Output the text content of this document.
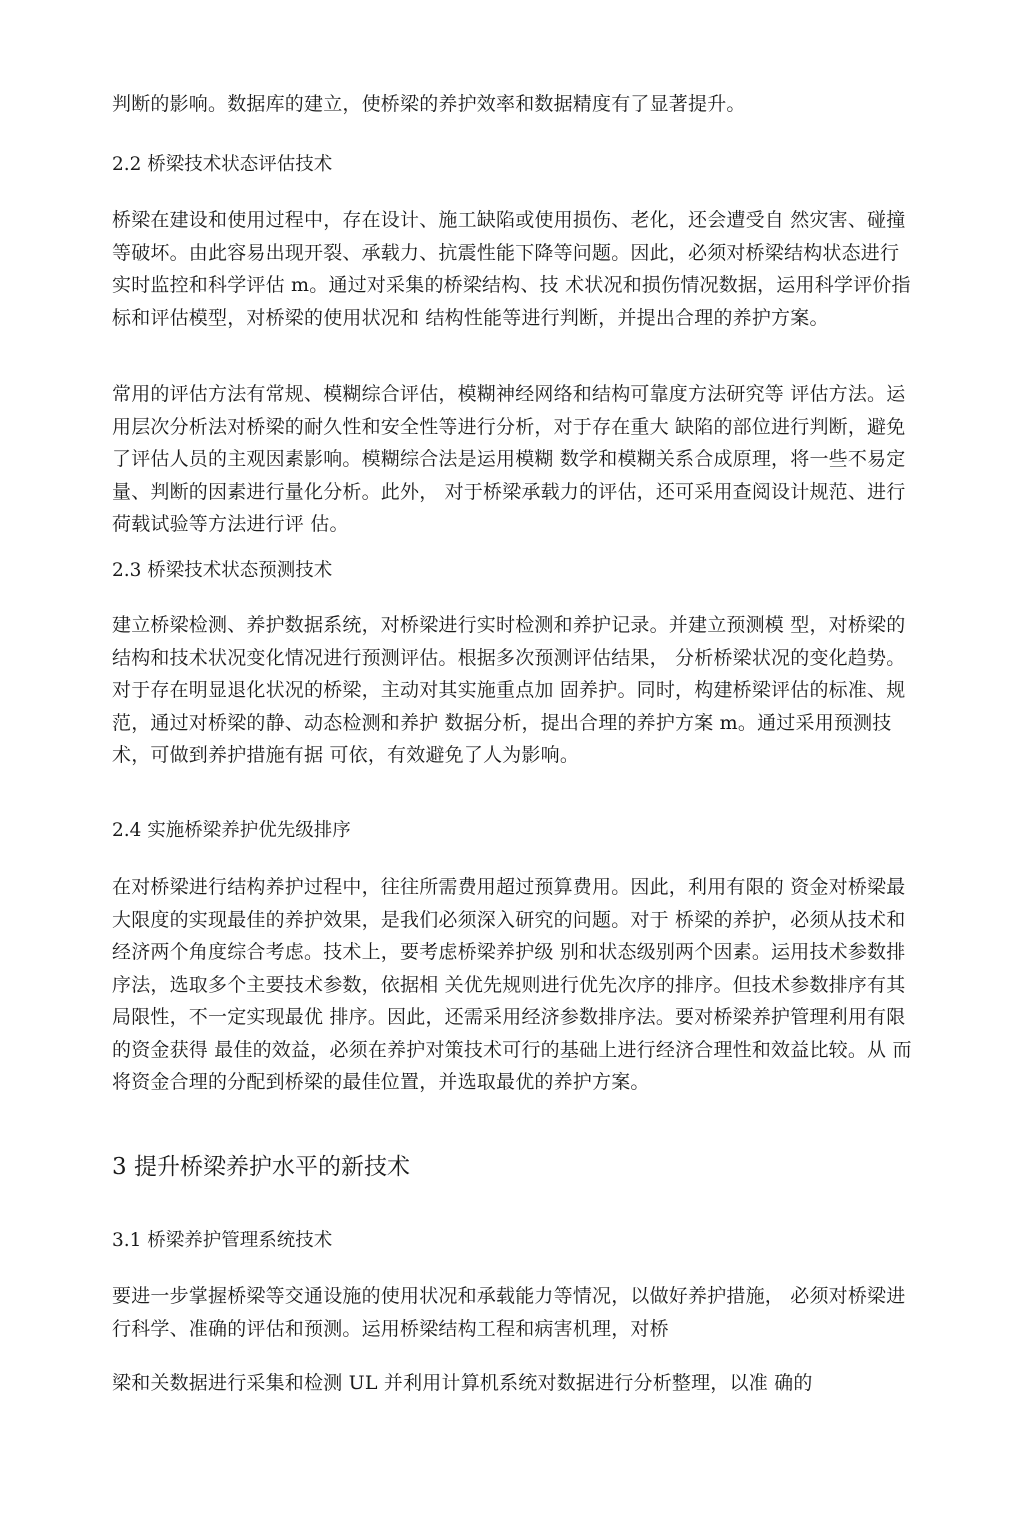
判断的影响。数据库的建立，使桥梁的养护效率和数据精度有了显著提升。

2.2 桥梁技术状态评估技术

桥梁在建设和使用过程中，存在设计、施工缺陷或使用损伤、老化，还会遭受自 然灾害、碰撞等破坏。由此容易出现开裂、承载力、抗震性能下降等问题。因此，必须对桥梁结构状态进行实时监控和科学评估 m。通过对采集的桥梁结构、技 术状况和损伤情况数据，运用科学评价指标和评估模型，对桥梁的使用状况和 结构性能等进行判断，并提出合理的养护方案。

常用的评估方法有常规、模糊综合评估，模糊神经网络和结构可靠度方法研究等 评估方法。运用层次分析法对桥梁的耐久性和安全性等进行分析，对于存在重大 缺陷的部位进行判断，避免了评估人员的主观因素影响。模糊综合法是运用模糊 数学和模糊关系合成原理，将一些不易定量、判断的因素进行量化分析。此外， 对于桥梁承载力的评估，还可采用查阅设计规范、进行荷载试验等方法进行评 估。

2.3 桥梁技术状态预测技术

建立桥梁检测、养护数据系统，对桥梁进行实时检测和养护记录。并建立预测模 型，对桥梁的结构和技术状况变化情况进行预测评估。根据多次预测评估结果， 分析桥梁状况的变化趋势。对于存在明显退化状况的桥梁，主动对其实施重点加 固养护。同时，构建桥梁评估的标准、规范，通过对桥梁的静、动态检测和养护 数据分析，提出合理的养护方案 m。通过采用预测技术，可做到养护措施有据 可依，有效避免了人为影响。

2.4 实施桥梁养护优先级排序

在对桥梁进行结构养护过程中，往往所需费用超过预算费用。因此，利用有限的 资金对桥梁最大限度的实现最佳的养护效果，是我们必须深入研究的问题。对于 桥梁的养护，必须从技术和经济两个角度综合考虑。技术上，要考虑桥梁养护级 别和状态级别两个因素。运用技术参数排序法，选取多个主要技术参数，依据相 关优先规则进行优先次序的排序。但技术参数排序有其局限性，不一定实现最优 排序。因此，还需采用经济参数排序法。要对桥梁养护管理利用有限的资金获得 最佳的效益，必须在养护对策技术可行的基础上进行经济合理性和效益比较。从 而将资金合理的分配到桥梁的最佳位置，并选取最优的养护方案。

3 提升桥梁养护水平的新技术
3.1 桥梁养护管理系统技术

要进一步掌握桥梁等交通设施的使用状况和承载能力等情况，以做好养护措施， 必须对桥梁进行科学、准确的评估和预测。运用桥梁结构工程和病害机理，对桥

梁和关数据进行采集和检测 UL 并利用计算机系统对数据进行分析整理，以准 确的
